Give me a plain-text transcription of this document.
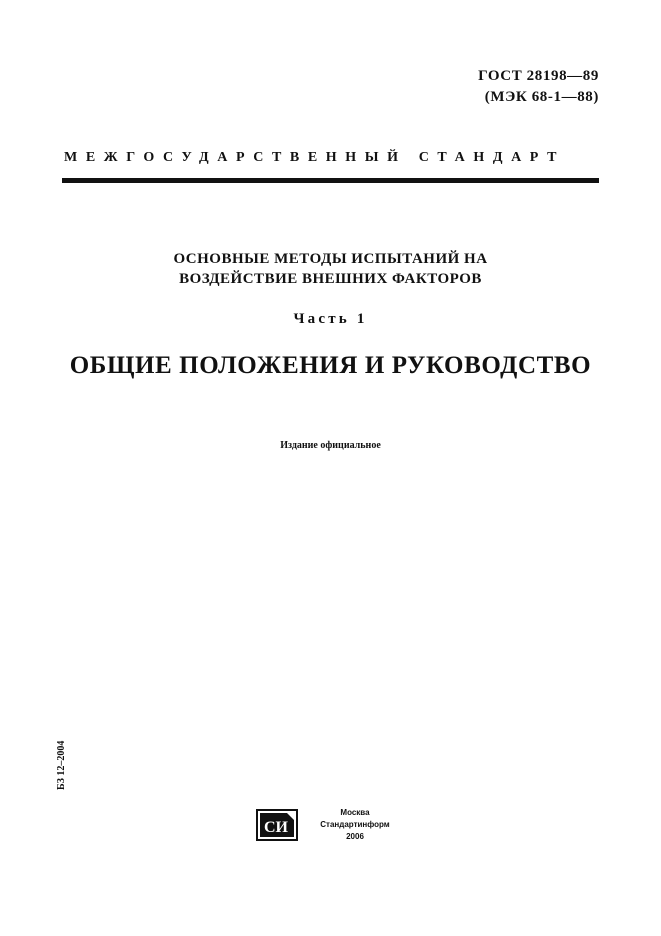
ГОСТ 28198—89
(МЭК 68-1—88)
МЕЖГОСУДАРСТВЕННЫЙ СТАНДАРТ
ОСНОВНЫЕ МЕТОДЫ ИСПЫТАНИЙ НА
ВОЗДЕЙСТВИЕ ВНЕШНИХ ФАКТОРОВ
Часть 1
ОБЩИЕ ПОЛОЖЕНИЯ И РУКОВОДСТВО
Издание официальное
БЗ 12–2004
СИ
Москва
Стандартинформ
2006
